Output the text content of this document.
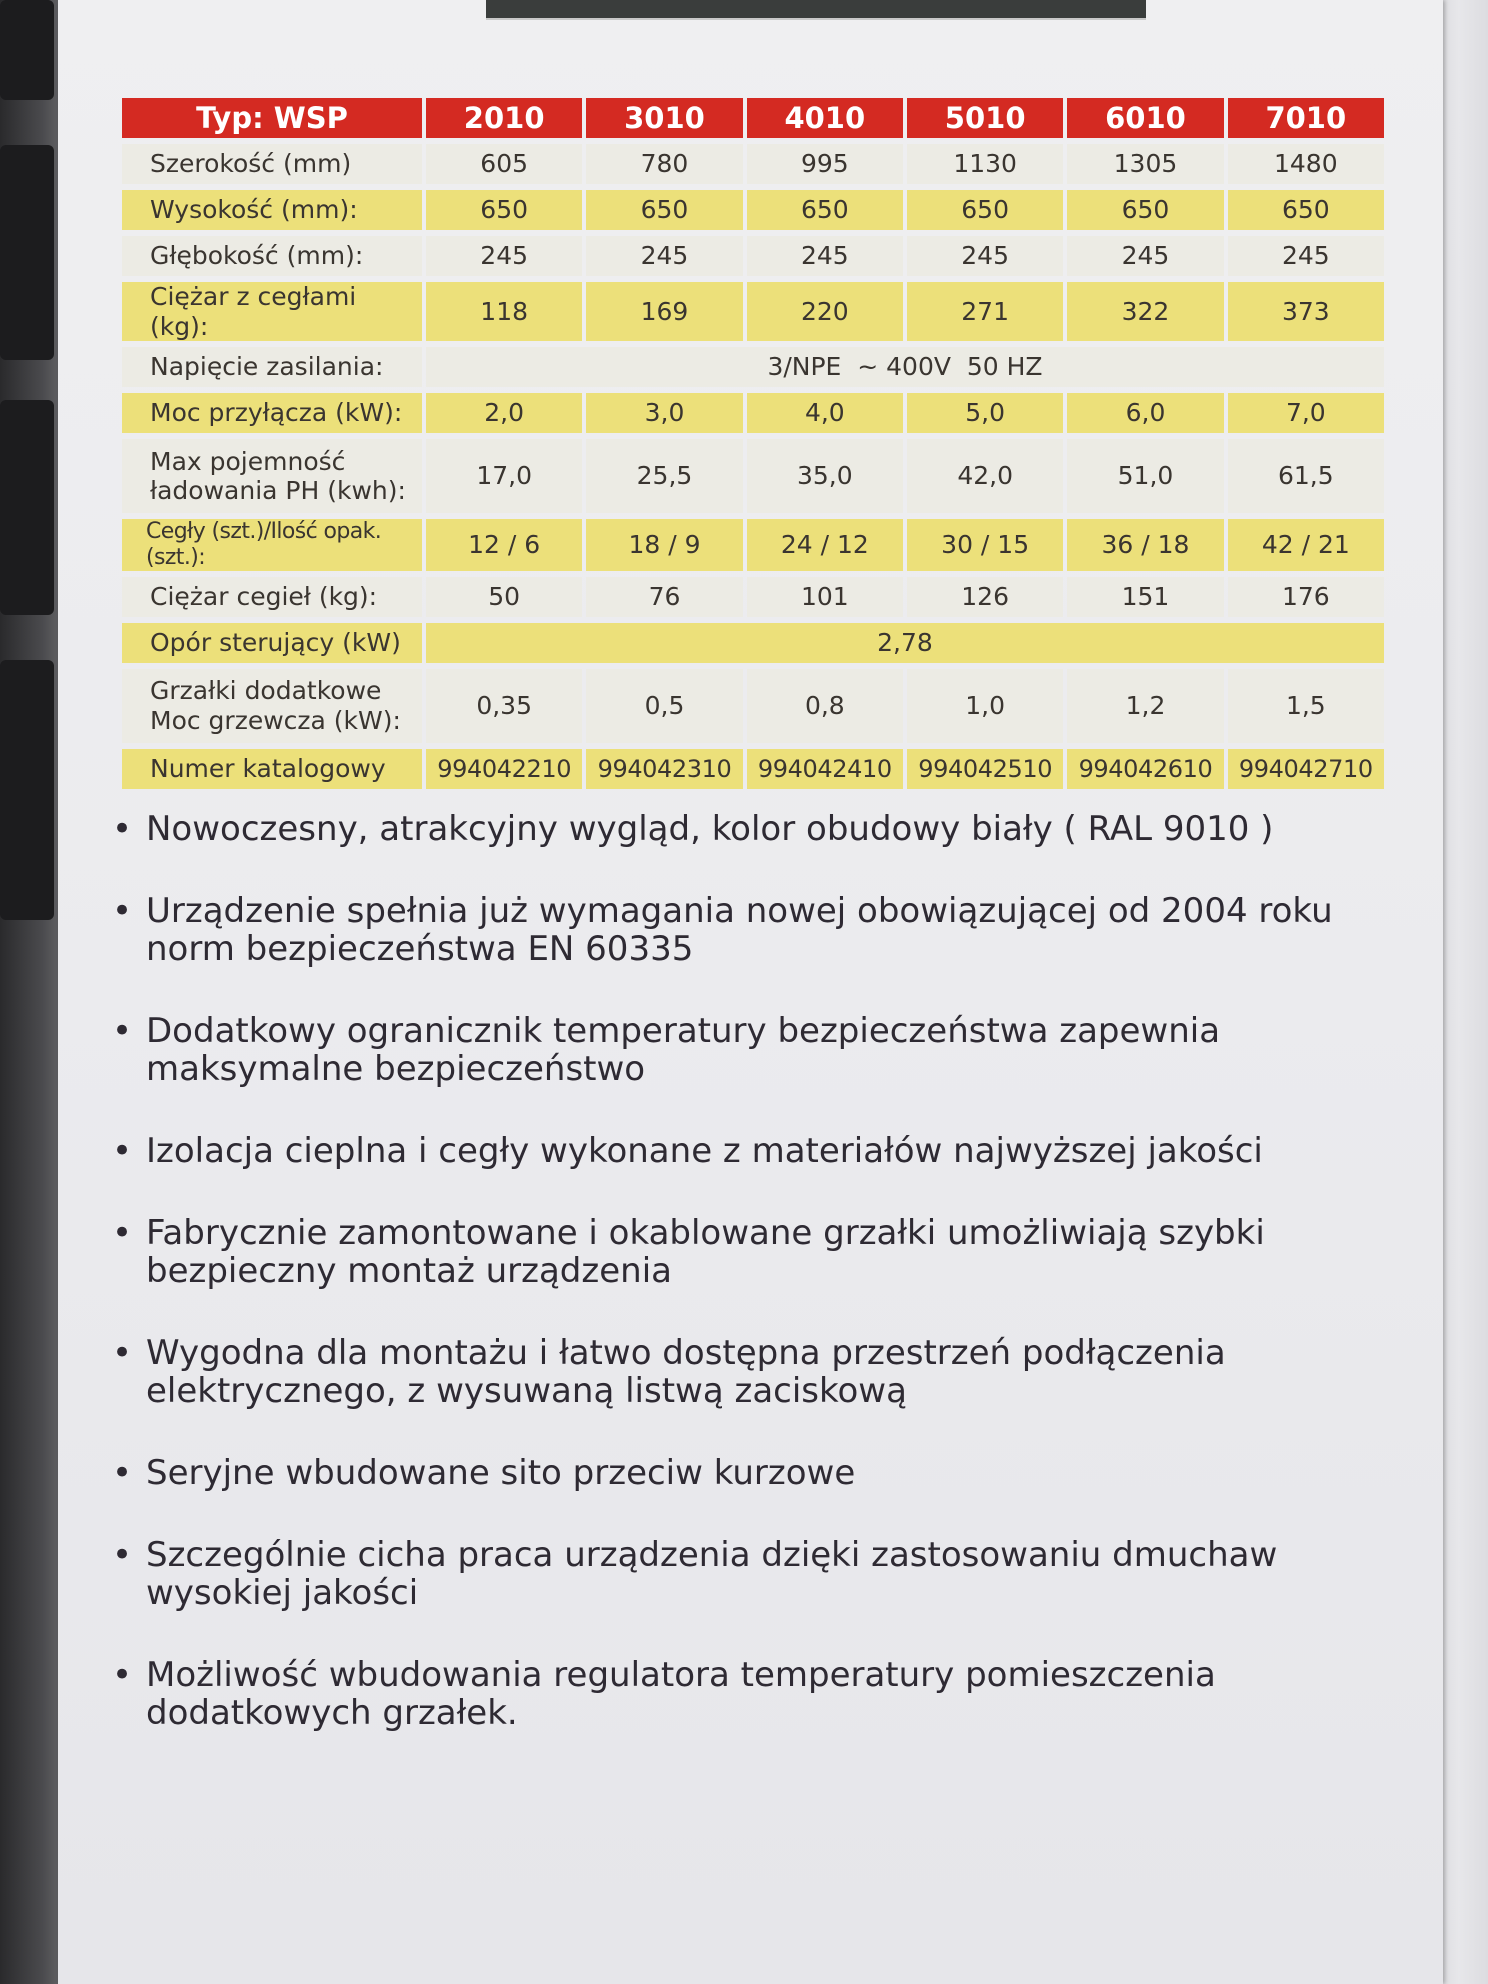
Typ: WSP	2010	3010	4010	5010	6010	7010
Szerokość (mm)	605	780	995	1130	1305	1480
Wysokość (mm):	650	650	650	650	650	650
Głębokość (mm):	245	245	245	245	245	245
Ciężar z cegłami (kg):	118	169	220	271	322	373
Napięcie zasilania:	3/NPE  ~ 400V  50 HZ					
Moc przyłącza (kW):	2,0	3,0	4,0	5,0	6,0	7,0
Max pojemność
ładowania PH (kwh):	17,0	25,5	35,0	42,0	51,0	61,5
Cegły (szt.)/Ilość opak. (szt.):	12 / 6	18 / 9	24 / 12	30 / 15	36 / 18	42 / 21
Ciężar cegieł (kg):	50	76	101	126	151	176
Opór sterujący (kW)	2,78					
Grzałki dodatkowe
Moc grzewcza (kW):	0,35	0,5	0,8	1,0	1,2	1,5
Numer katalogowy	994042210	994042310	994042410	994042510	994042610	994042710
• Nowoczesny, atrakcyjny wygląd, kolor obudowy biały ( RAL 9010 )
• Urządzenie spełnia już wymagania nowej obowiązującej od 2004 roku norm bezpieczeństwa EN 60335
• Dodatkowy ogranicznik temperatury bezpieczeństwa zapewnia maksymalne bezpieczeństwo
• Izolacja cieplna i cegły wykonane z materiałów najwyższej jakości
• Fabrycznie zamontowane i okablowane grzałki umożliwiają szybki bezpieczny montaż urządzenia
• Wygodna dla montażu i łatwo dostępna przestrzeń podłączenia elektrycznego, z wysuwaną listwą zaciskową
• Seryjne wbudowane sito przeciw kurzowe
• Szczególnie cicha praca urządzenia dzięki zastosowaniu dmuchaw wysokiej jakości
• Możliwość wbudowania regulatora temperatury pomieszczenia dodatkowych grzałek.
